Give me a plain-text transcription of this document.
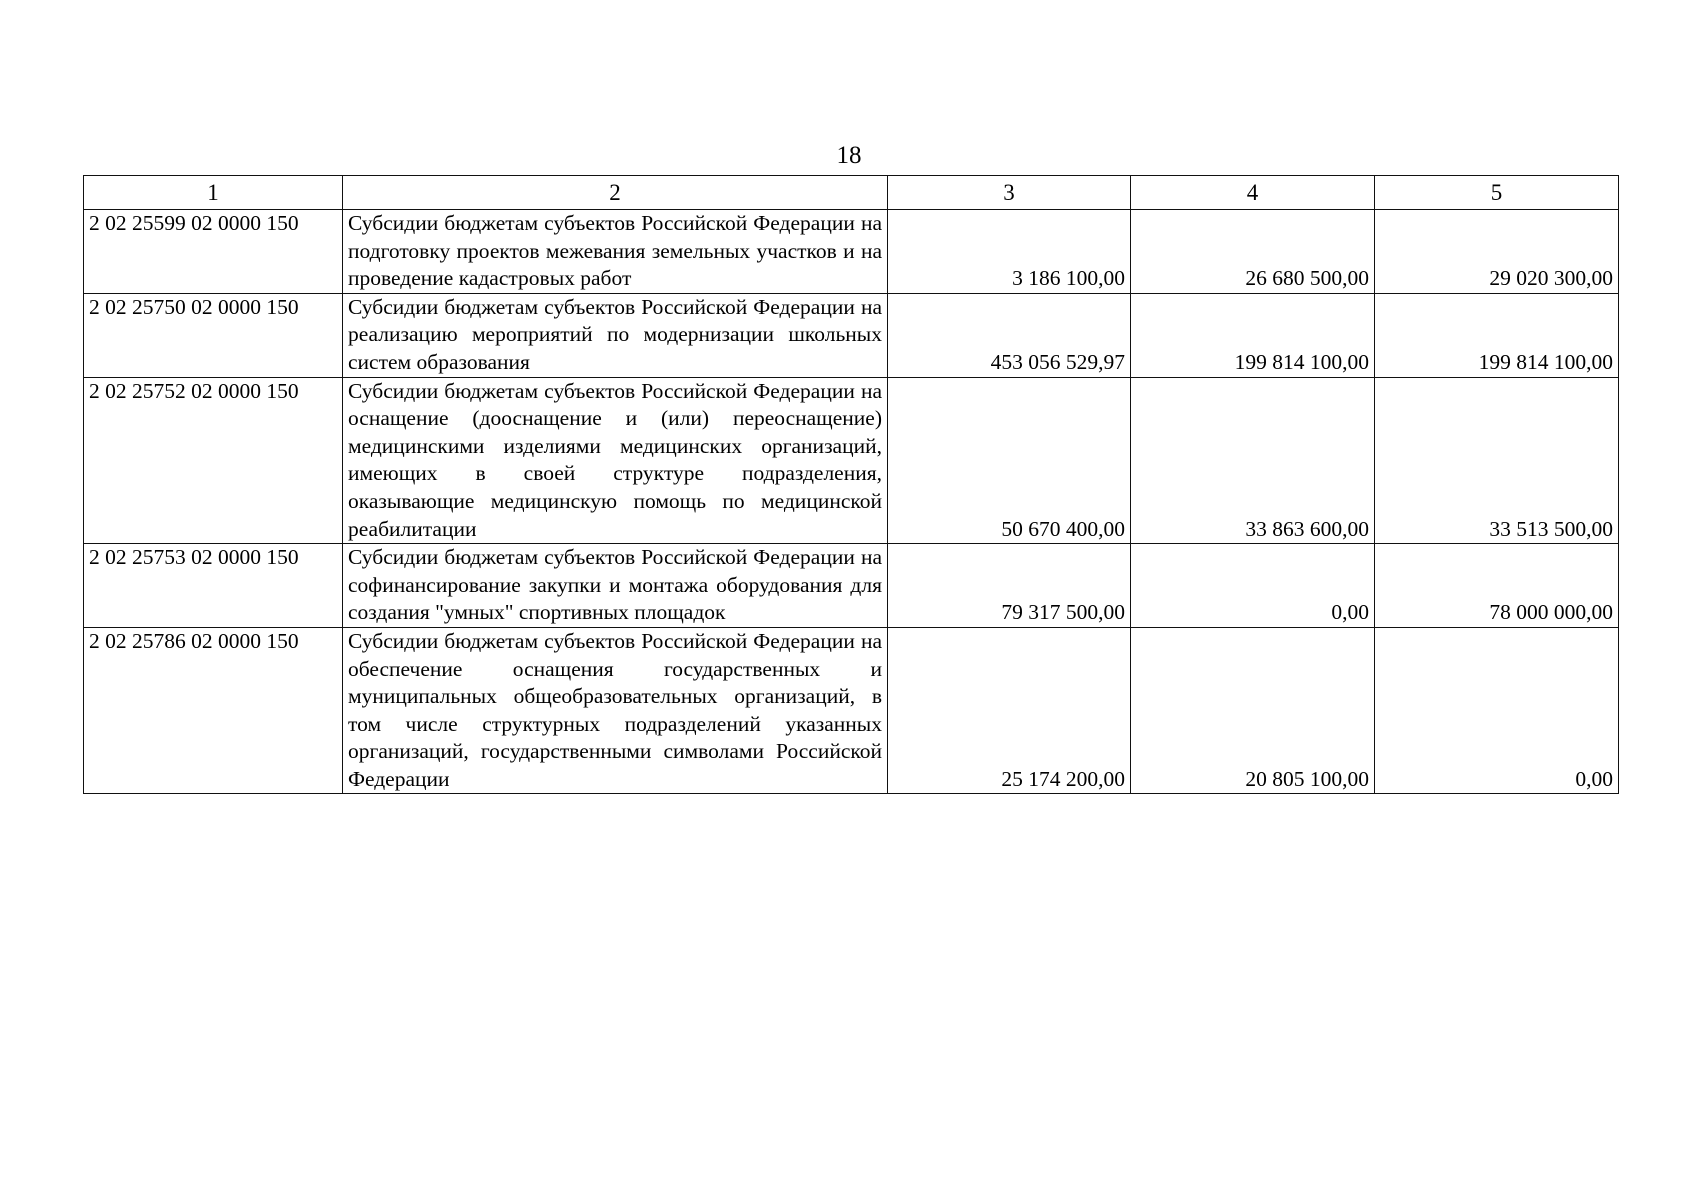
18
1	2	3	4	5
2 02 25599 02 0000 150	Субсидии бюджетам субъектов Российской Федерации на подготовку проектов межевания земельных участков и на проведение кадастровых работ	3 186 100,00	26 680 500,00	29 020 300,00
2 02 25750 02 0000 150	Субсидии бюджетам субъектов Российской Федерации на реализацию мероприятий по модернизации школьных систем образования	453 056 529,97	199 814 100,00	199 814 100,00
2 02 25752 02 0000 150	Субсидии бюджетам субъектов Российской Федерации на оснащение (дооснащение и (или) переоснащение) медицинскими изделиями медицинских организаций, имеющих в своей структуре подразделения, оказывающие медицинскую помощь по медицинской реабилитации	50 670 400,00	33 863 600,00	33 513 500,00
2 02 25753 02 0000 150	Субсидии бюджетам субъектов Российской Федерации на софинансирование закупки и монтажа оборудования для создания "умных" спортивных площадок	79 317 500,00	0,00	78 000 000,00
2 02 25786 02 0000 150	Субсидии бюджетам субъектов Российской Федерации на обеспечение оснащения государственных и муниципальных общеобразовательных организаций, в том числе структурных подразделений указанных организаций, государственными символами Российской Федерации	25 174 200,00	20 805 100,00	0,00
